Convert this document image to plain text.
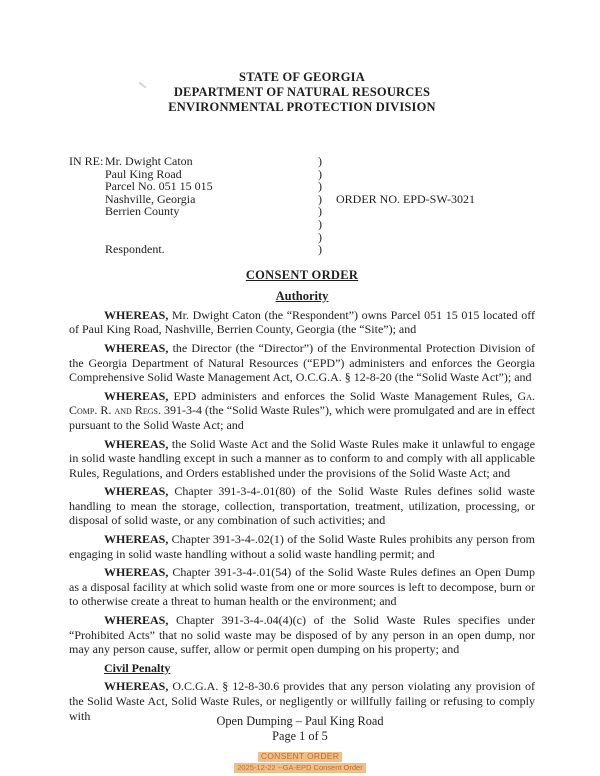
STATE OF GEORGIA
DEPARTMENT OF NATURAL RESOURCES
ENVIRONMENTAL PROTECTION DIVISION
IN RE: Mr. Dwight Caton	)
Paul King Road	)
Parcel No. 051 15 015	)
Nashville, Georgia	)	ORDER NO. EPD-SW-3021
Berrien County	)
)
)
Respondent.	)
CONSENT ORDER
Authority

WHEREAS, Mr. Dwight Caton (the “Respondent”) owns Parcel 051 15 015 located off of Paul King Road, Nashville, Berrien County, Georgia (the “Site”); and

WHEREAS, the Director (the “Director”) of the Environmental Protection Division of the Georgia Department of Natural Resources (“EPD”) administers and enforces the Georgia Comprehensive Solid Waste Management Act, O.C.G.A. § 12-8-20 (the “Solid Waste Act”); and

WHEREAS, EPD administers and enforces the Solid Waste Management Rules, Ga. Comp. R. and Regs. 391-3-4 (the “Solid Waste Rules”), which were promulgated and are in effect pursuant to the Solid Waste Act; and

WHEREAS, the Solid Waste Act and the Solid Waste Rules make it unlawful to engage in solid waste handling except in such a manner as to conform to and comply with all applicable Rules, Regulations, and Orders established under the provisions of the Solid Waste Act; and

WHEREAS, Chapter 391-3-4-.01(80) of the Solid Waste Rules defines solid waste handling to mean the storage, collection, transportation, treatment, utilization, processing, or disposal of solid waste, or any combination of such activities; and

WHEREAS, Chapter 391-3-4-.02(1) of the Solid Waste Rules prohibits any person from engaging in solid waste handling without a solid waste handling permit; and

WHEREAS, Chapter 391-3-4-.01(54) of the Solid Waste Rules defines an Open Dump as a disposal facility at which solid waste from one or more sources is left to decompose, burn or to otherwise create a threat to human health or the environment; and

WHEREAS, Chapter 391-3-4-.04(4)(c) of the Solid Waste Rules specifies under “Prohibited Acts” that no solid waste may be disposed of by any person in an open dump, nor may any person cause, suffer, allow or permit open dumping on his property; and

Civil Penalty

WHEREAS, O.C.G.A. § 12-8-30.6 provides that any person violating any provision of the Solid Waste Act, Solid Waste Rules, or negligently or willfully failing or refusing to comply with	Open Dumping – Paul King Road
Page 1 of 5
CONSENT ORDER
2025-12-22 --GA-EPD Consent Order
